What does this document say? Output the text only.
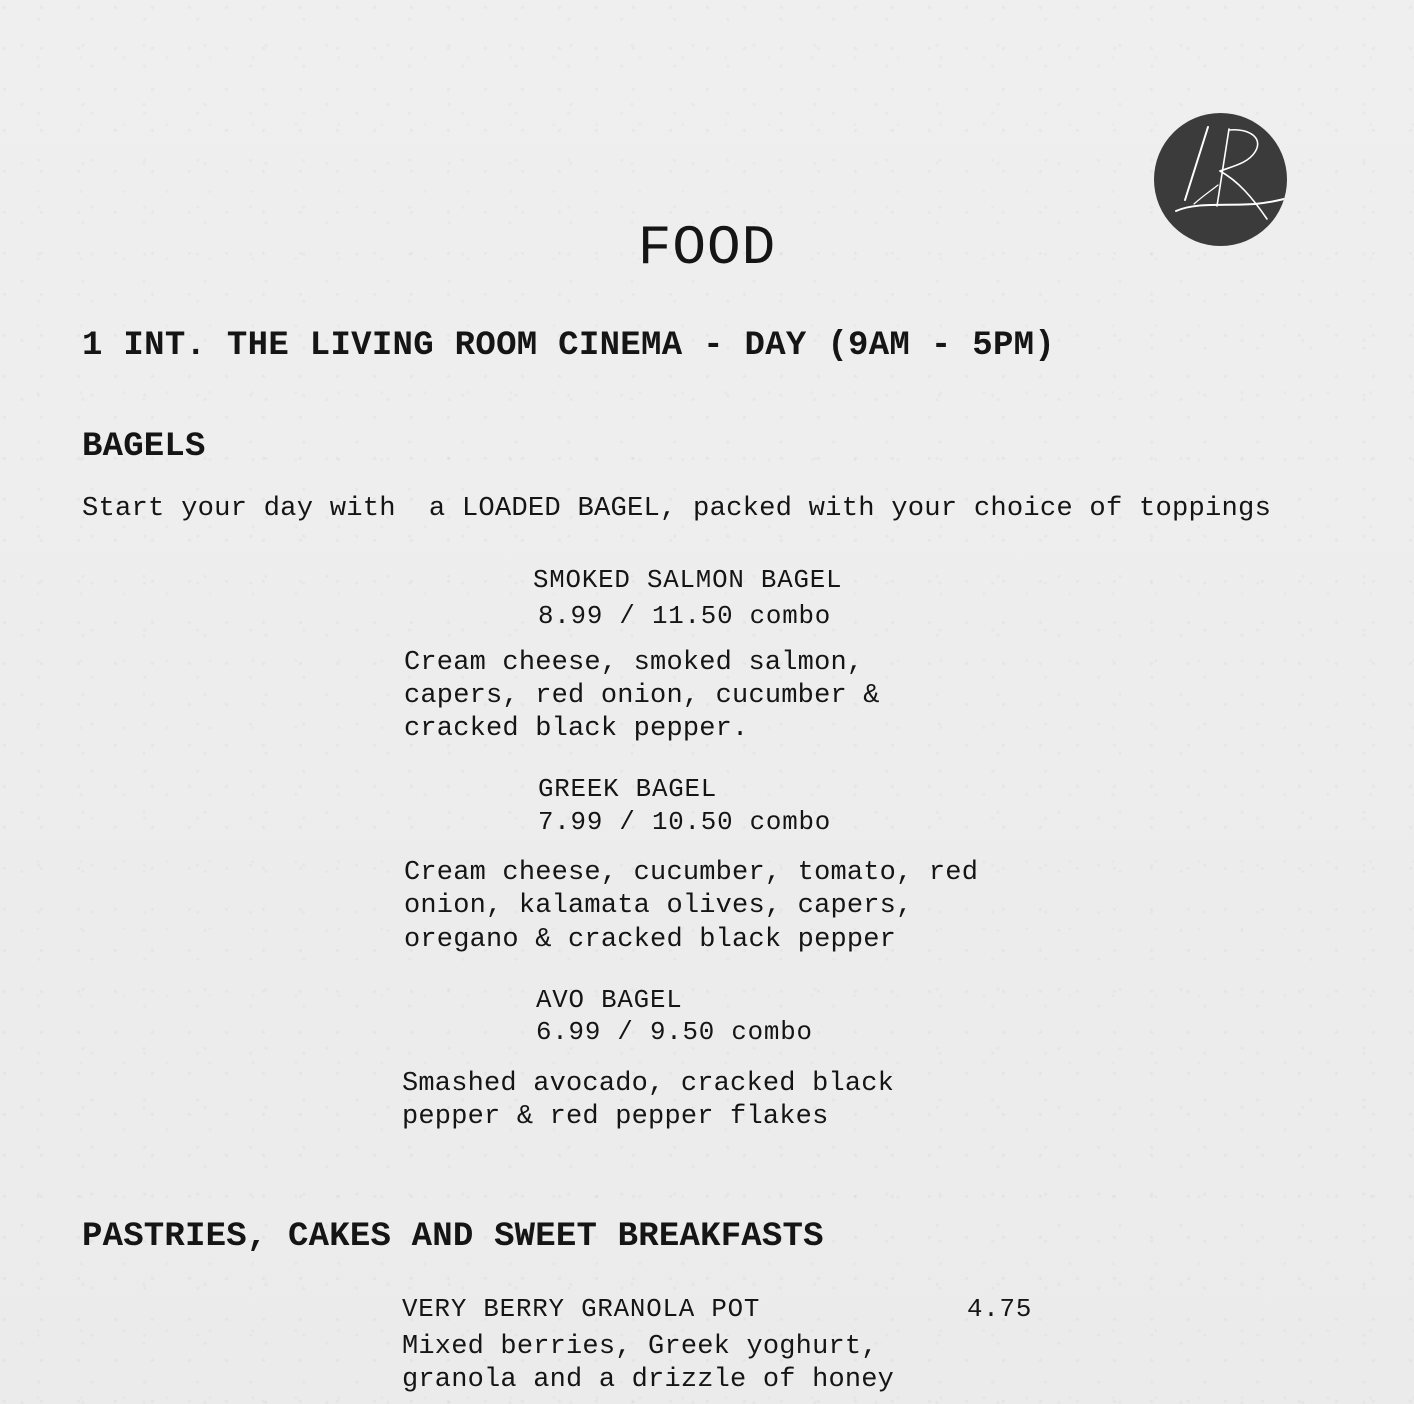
FOOD
1 INT. THE LIVING ROOM CINEMA - DAY (9AM - 5PM)
BAGELS
Start your day with  a LOADED BAGEL, packed with your choice of toppings
SMOKED SALMON BAGEL
8.99 / 11.50 combo
Cream cheese, smoked salmon,
capers, red onion, cucumber &
cracked black pepper.
GREEK BAGEL
7.99 / 10.50 combo
Cream cheese, cucumber, tomato, red
onion, kalamata olives, capers,
oregano & cracked black pepper
AVO BAGEL
6.99 / 9.50 combo
Smashed avocado, cracked black
pepper & red pepper flakes
PASTRIES, CAKES AND SWEET BREAKFASTS
VERY BERRY GRANOLA POT	4.75
Mixed berries, Greek yoghurt,
granola and a drizzle of honey
